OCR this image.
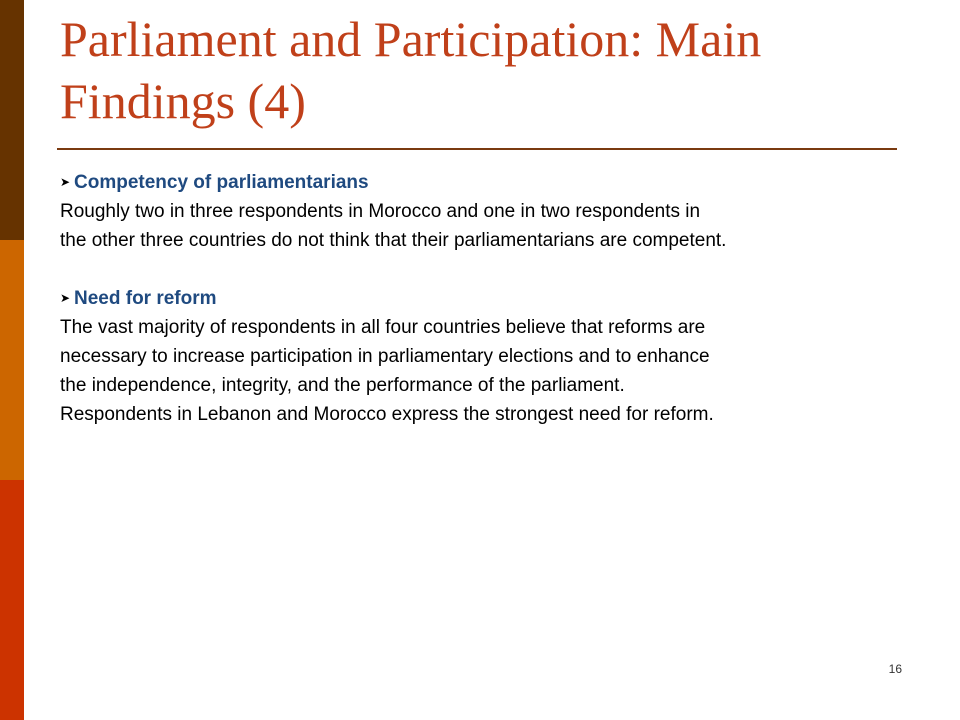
Parliament and Participation: Main Findings (4)

➤ Competency of parliamentarians

Roughly two in three respondents in Morocco and one in two respondents in
the other three countries do not think that their parliamentarians are competent.

➤ Need for reform

The vast majority of respondents in all four countries believe that reforms are
necessary to increase participation in parliamentary elections and to enhance
the independence, integrity, and the performance of the parliament.
Respondents in Lebanon and Morocco express the strongest need for reform.

16
